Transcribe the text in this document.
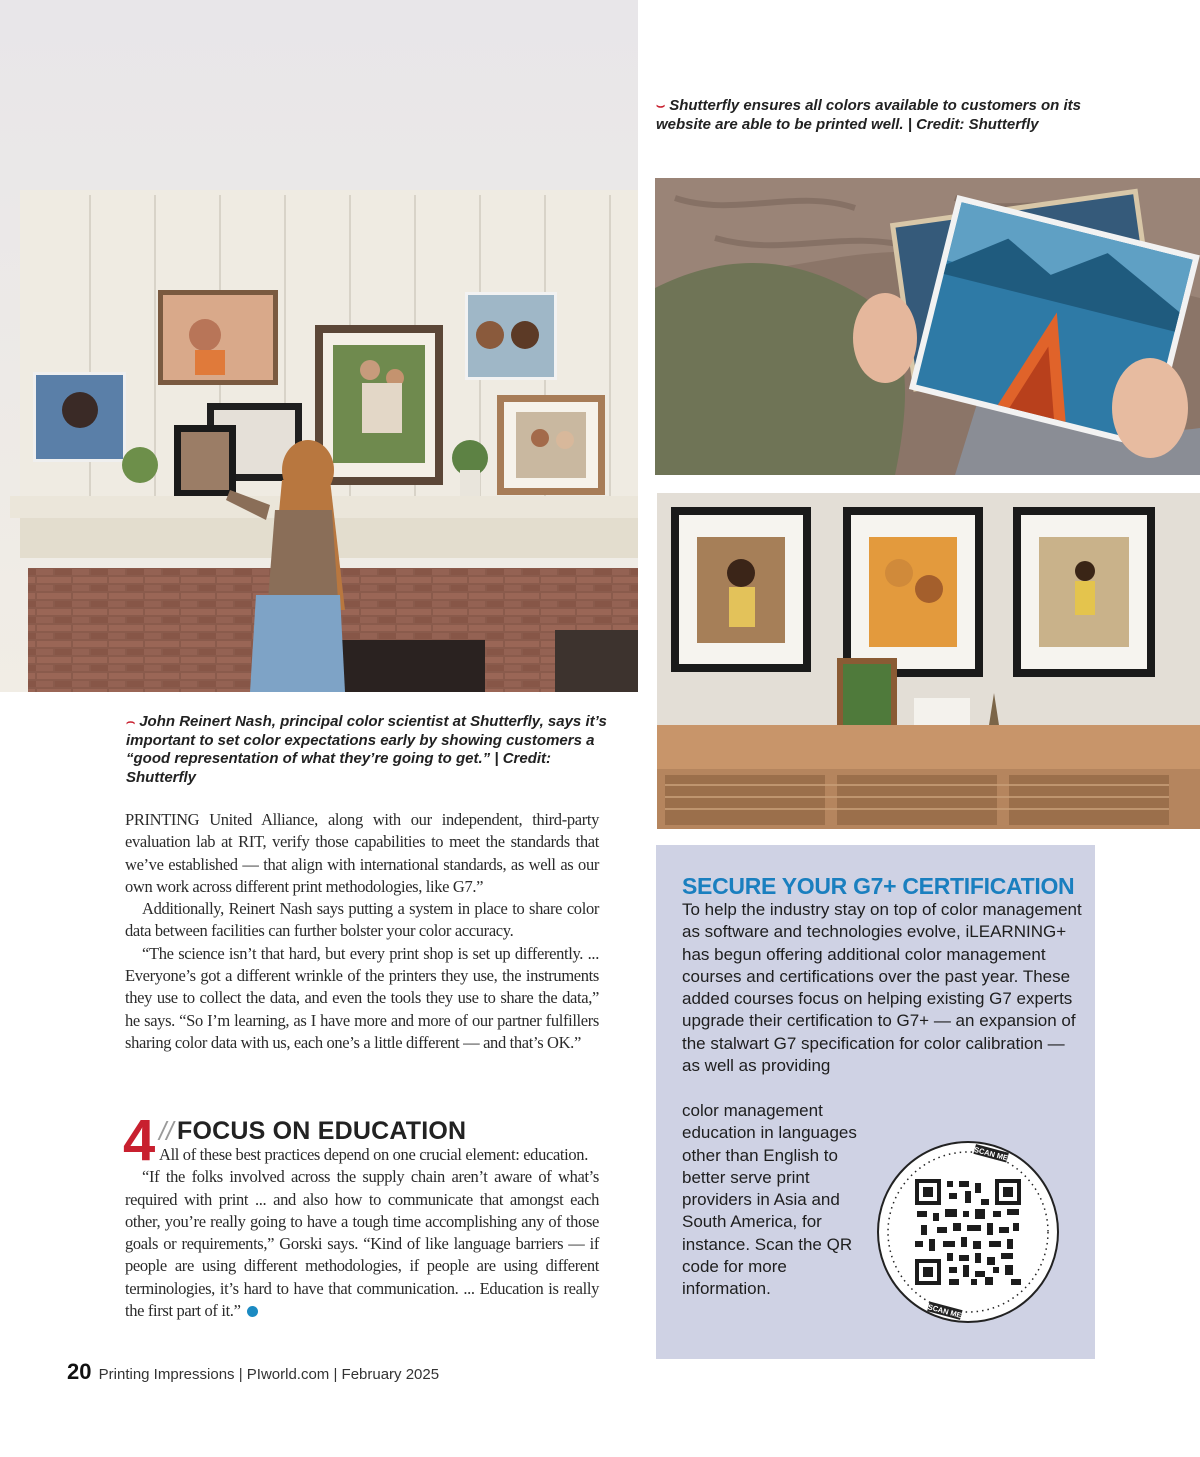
⌣ Shutterfly ensures all colors available to customers on its website are able to be printed well. | Credit: Shutterfly

⌢ John Reinert Nash, principal color scientist at Shutterfly, says it’s important to set color expectations early by showing customers a “good representation of what they’re going to get.” | Credit: Shutterfly

PRINTING United Alliance, along with our independent, third-party evaluation lab at RIT, verify those capabilities to meet the standards that we’ve established — that align with international standards, as well as our own work across different print methodologies, like G7.”

Additionally, Reinert Nash says putting a system in place to share color data between facilities can further bolster your color accuracy.

“The science isn’t that hard, but every print shop is set up differently. ... Everyone’s got a different wrinkle of the printers they use, the instruments they use to collect the data, and even the tools they use to share the data,” he says. “So I’m learning, as I have more and more of our partner fulfillers sharing color data with us, each one’s a little different — and that’s OK.”

4 // FOCUS ON EDUCATION

All of these best practices depend on one crucial element: education.

“If the folks involved across the supply chain aren’t aware of what’s required with print ... and also how to communicate that amongst each other, you’re really going to have a tough time accomplishing any of those goals or requirements,” Gorski says. “Kind of like language barriers — if people are using different methodologies, if people are using different terminologies, it’s hard to have that communication. ... Education is really the first part of it.”

SECURE YOUR G7+ CERTIFICATION

To help the industry stay on top of color management as software and technologies evolve, iLEARNING+ has begun offering additional color management courses and certifications over the past year. These added courses focus on helping existing G7 experts upgrade their certification to G7+ — an expansion of the stalwart G7 specification for color calibration — as well as providing

color management education in languages other than English to better serve print providers in Asia and South America, for instance. Scan the QR code for more information.

SCAN ME
SCAN ME
20 Printing Impressions | PIworld.com | February 2025
